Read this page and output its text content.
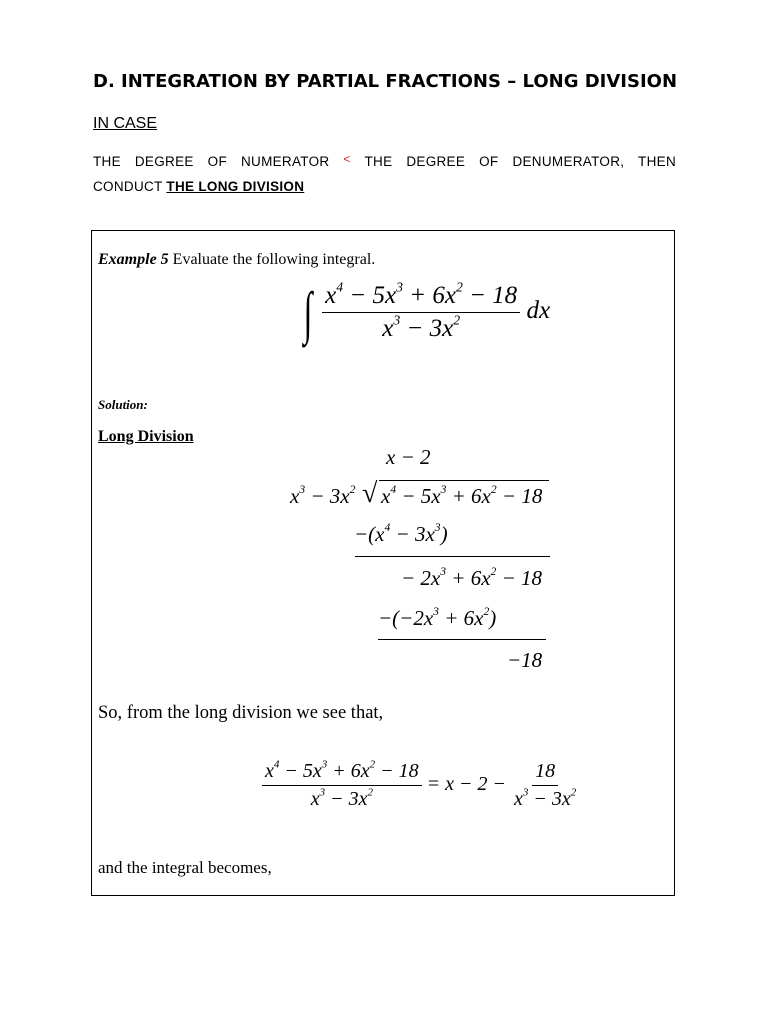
D. INTEGRATION BY PARTIAL FRACTIONS – LONG DIVISION
IN CASE
THE DEGREE OF NUMERATOR ˂ THE DEGREE OF DENUMERATOR, THEN
CONDUCT THE LONG DIVISION
Example 5 Evaluate the following integral.
∫ $\frac{x^4 - 5x^3 + 6x^2 - 18}{x^3 - 3x^2}$ dx
Solution:
Long Division
x − 2
$x^3 - 3x^2$ √ $x^4 - 5x^3 + 6x^2 - 18$
$-(x^4 - 3x^3)$
− $2x^3 + 6x^2 - 18$
$-(-2x^3 + 6x^2)$
−18
So, from the long division we see that,
$\frac{x^4 - 5x^3 + 6x^2 - 18}{x^3 - 3x^2} = x - 2 - \frac{18}{x^3 - 3x^2}$
and the integral becomes,
